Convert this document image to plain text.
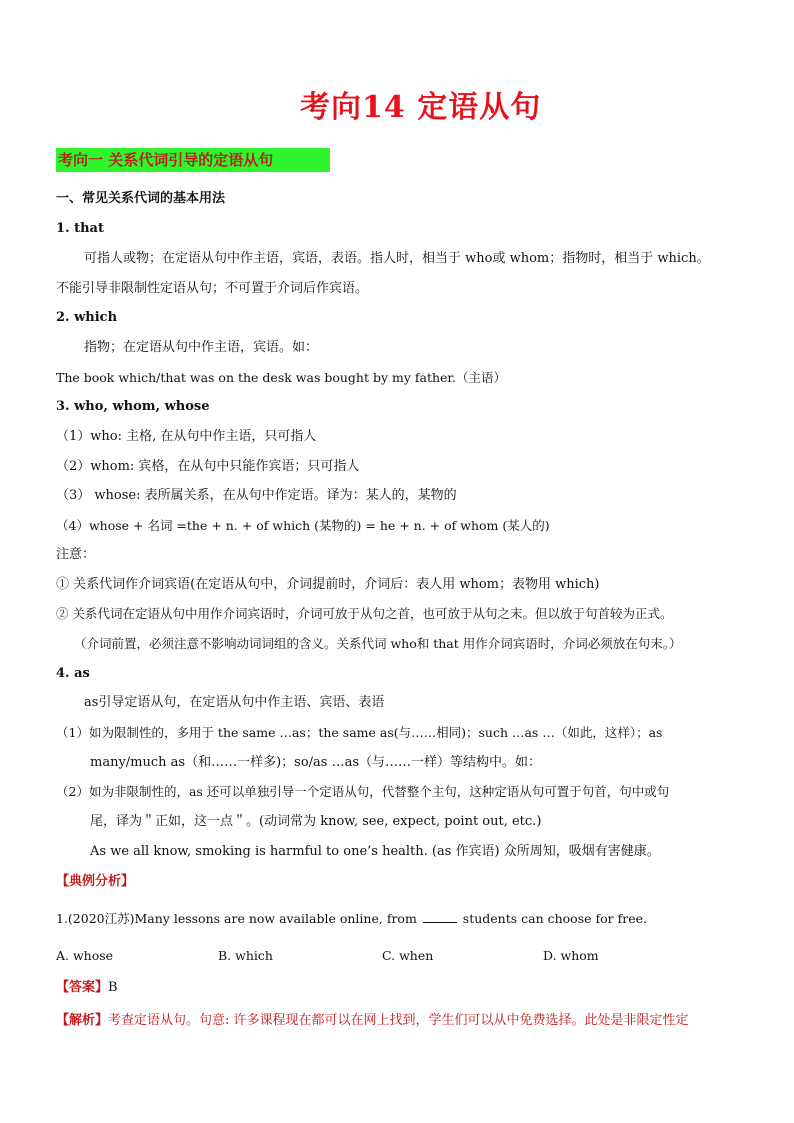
考向14 定语从句
考向一 关系代词引导的定语从句
一、常见关系代词的基本用法
1. that
可指人或物；在定语从句中作主语，宾语，表语。指人时，相当于 who或 whom；指物时，相当于 which。
不能引导非限制性定语从句；不可置于介词后作宾语。
2. which
指物；在定语从句中作主语，宾语。如：
The book which/that was on the desk was bought by my father.（主语）
3. who, whom, whose
（1）who: 主格, 在从句中作主语，只可指人
（2）whom: 宾格，在从句中只能作宾语；只可指人
（3） whose: 表所属关系，在从句中作定语。译为：某人的，某物的
（4）whose + 名词 =the + n. + of which (某物的) = he + n. + of whom (某人的)
注意：
① 关系代词作介词宾语(在定语从句中，介词提前时，介词后：表人用 whom；表物用 which)
② 关系代词在定语从句中用作介词宾语时，介词可放于从句之首，也可放于从句之末。但以放于句首较为正式。
（介词前置，必须注意不影响动词词组的含义。关系代词 who和 that 用作介词宾语时，介词必须放在句末。）
4. as
as引导定语从句，在定语从句中作主语、宾语、表语
（1）如为限制性的，多用于 the same …as；the same as(与……相同)；such …as …（如此，这样）；as
many/much as（和……一样多)；so/as …as（与……一样）等结构中。如：
（2）如为非限制性的，as 还可以单独引导一个定语从句，代替整个主句，这种定语从句可置于句首，句中或句
尾，译为＂正如，这一点＂。(动词常为 know, see, expect, point out, etc.)
As we all know, smoking is harmful to one’s health. (as 作宾语) 众所周知，吸烟有害健康。
【典例分析】
1.(2020江苏)Many lessons are now available online, from	students can choose for free.
A. whose	B. which	C. when	D. whom
【答案】B
【解析】考查定语从句。句意: 许多课程现在都可以在网上找到，学生们可以从中免费选择。此处是非限定性定
